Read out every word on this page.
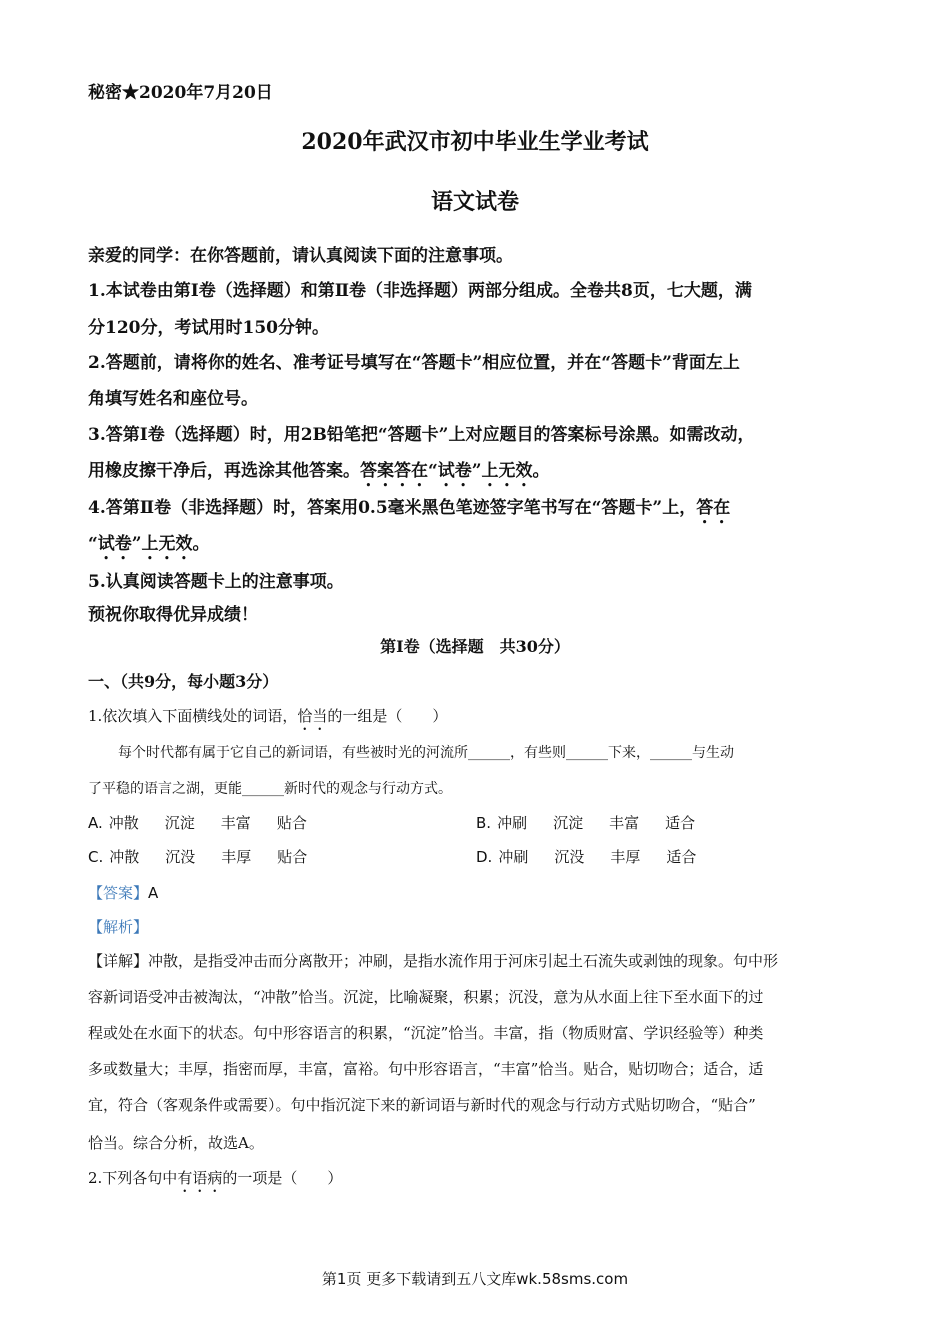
秘密★2020年7月20日
2020年武汉市初中毕业生学业考试
语文试卷
亲爱的同学：在你答题前，请认真阅读下面的注意事项。
1.本试卷由第Ⅰ卷（选择题）和第Ⅱ卷（非选择题）两部分组成。全卷共8页，七大题，满
分120分，考试用时150分钟。
2.答题前，请将你的姓名、准考证号填写在“答题卡”相应位置，并在“答题卡”背面左上
角填写姓名和座位号。
3.答第Ⅰ卷（选择题）时，用2B铅笔把“答题卡”上对应题目的答案标号涂黑。如需改动，
用橡皮擦干净后，再选涂其他答案。答案答在“试卷”上无效。
4.答第Ⅱ卷（非选择题）时，答案用0.5毫米黑色笔迹签字笔书写在“答题卡”上，答在
“试卷”上无效。
5.认真阅读答题卡上的注意事项。
预祝你取得优异成绩！
第Ⅰ卷（选择题　共30分）
一、（共9分，每小题3分）
1.依次填入下面横线处的词语，恰当的一组是（　　）
每个时代都有属于它自己的新词语，有些被时光的河流所______，有些则______下来，______与生动
了平稳的语言之湖，更能______新时代的观念与行动方式。
A. 冲散 沉淀 丰富 贴合	B. 冲刷 沉淀 丰富 适合
C. 冲散 沉没 丰厚 贴合	D. 冲刷 沉没 丰厚 适合
【答案】A
【解析】
【详解】冲散，是指受冲击而分离散开；冲刷，是指水流作用于河床引起土石流失或剥蚀的现象。句中形
容新词语受冲击被淘汰，“冲散”恰当。沉淀，比喻凝聚，积累；沉没，意为从水面上往下至水面下的过
程或处在水面下的状态。句中形容语言的积累，“沉淀”恰当。丰富，指（物质财富、学识经验等）种类
多或数量大；丰厚，指密而厚，丰富，富裕。句中形容语言，“丰富”恰当。贴合，贴切吻合；适合，适
宜，符合（客观条件或需要）。句中指沉淀下来的新词语与新时代的观念与行动方式贴切吻合，“贴合”
恰当。综合分析，故选A。
2.下列各句中有语病的一项是（　　）
第1页 更多下载请到五八文库wk.58sms.com
